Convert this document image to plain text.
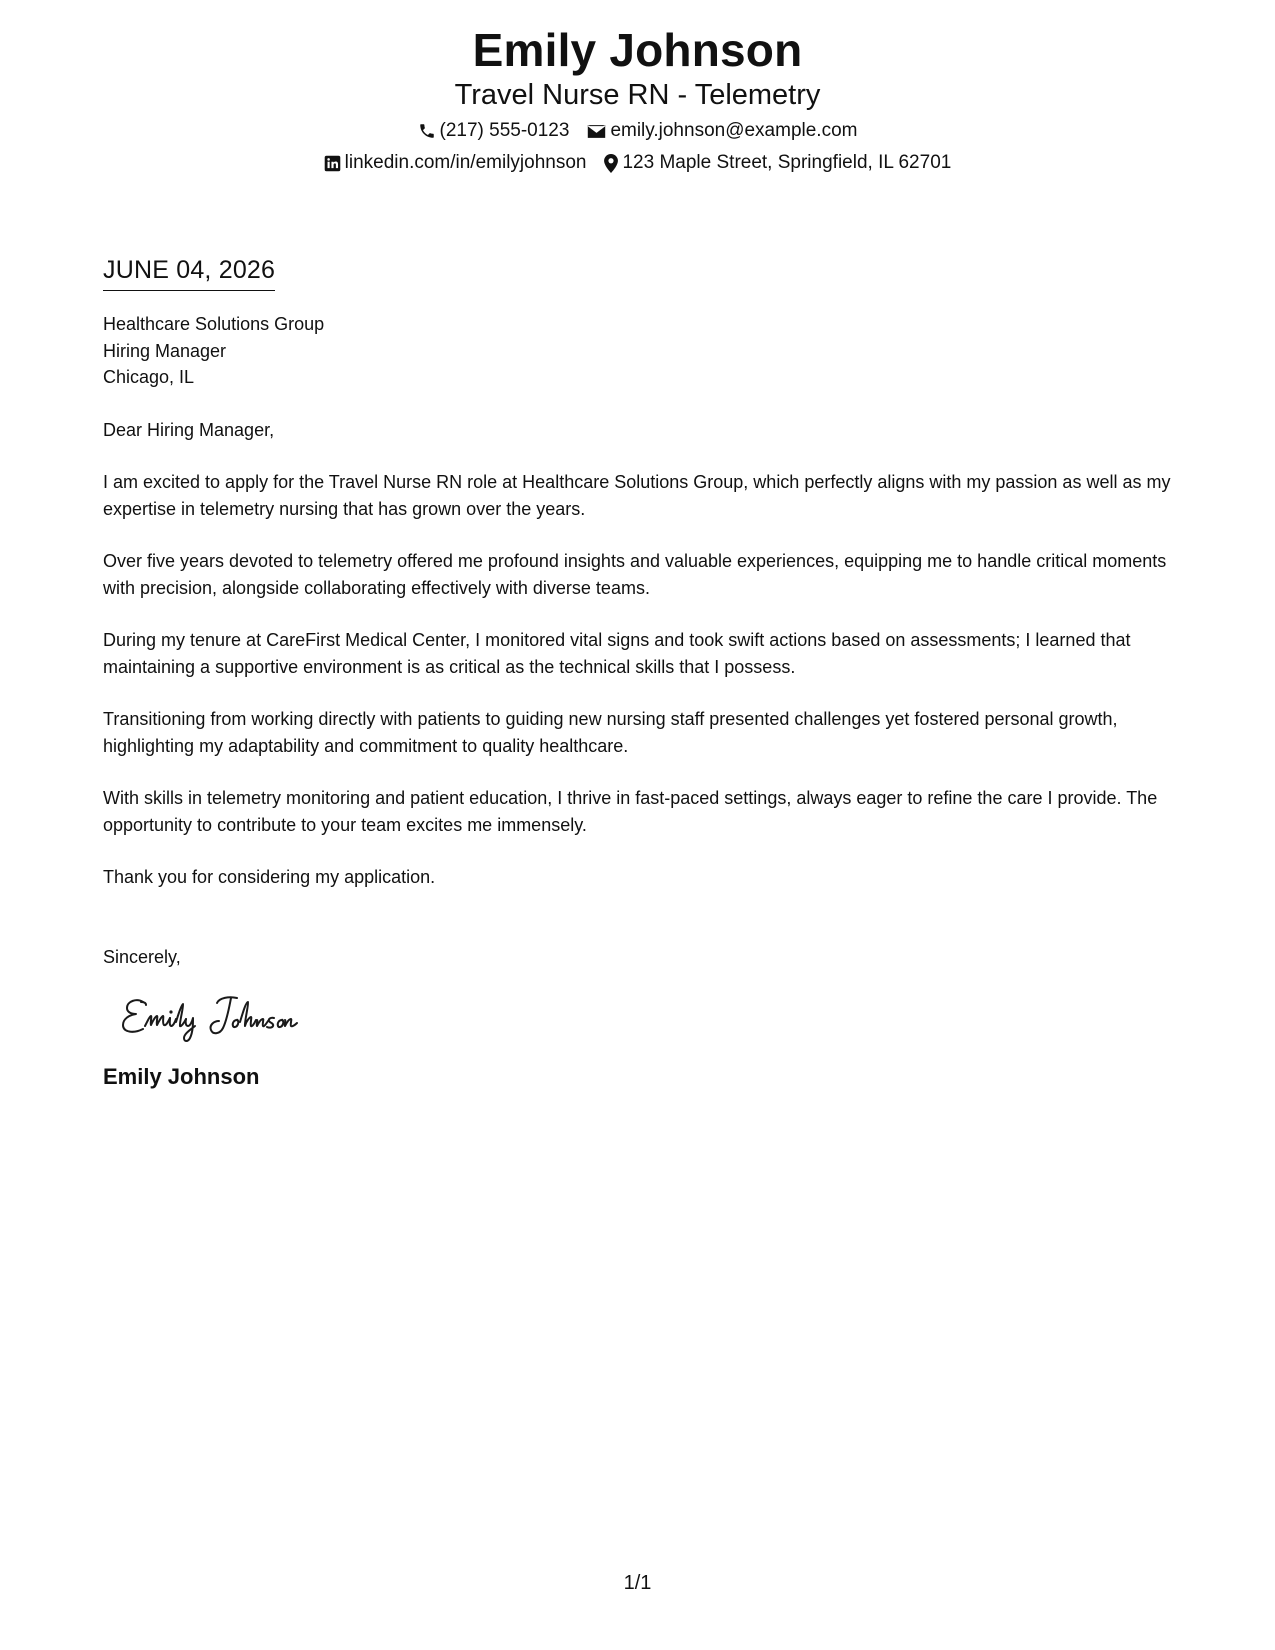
Emily Johnson
Travel Nurse RN - Telemetry
(217) 555-0123 emily.johnson@example.com
linkedin.com/in/emilyjohnson 123 Maple Street, Springfield, IL 62701
JUNE 04, 2026
Healthcare Solutions Group
Hiring Manager
Chicago, IL
Dear Hiring Manager,
I am excited to apply for the Travel Nurse RN role at Healthcare Solutions Group, which perfectly aligns with my passion as well as my expertise in telemetry nursing that has grown over the years.
Over five years devoted to telemetry offered me profound insights and valuable experiences, equipping me to handle critical moments with precision, alongside collaborating effectively with diverse teams.
During my tenure at CareFirst Medical Center, I monitored vital signs and took swift actions based on assessments; I learned that maintaining a supportive environment is as critical as the technical skills that I possess.
Transitioning from working directly with patients to guiding new nursing staff presented challenges yet fostered personal growth, highlighting my adaptability and commitment to quality healthcare.
With skills in telemetry monitoring and patient education, I thrive in fast-paced settings, always eager to refine the care I provide. The opportunity to contribute to your team excites me immensely.
Thank you for considering my application.
Sincerely,
Emily Johnson
1/1
